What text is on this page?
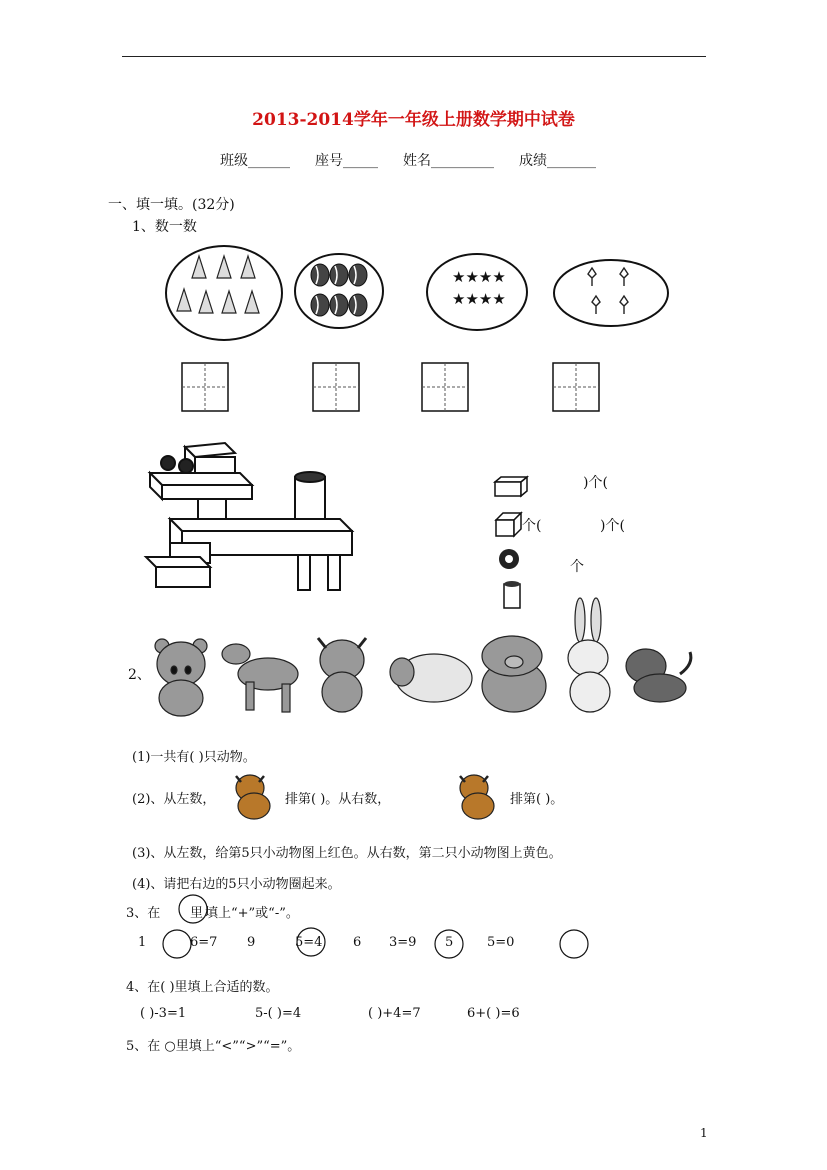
2013-2014学年一年级上册数学期中试卷
班级______ 座号_____ 姓名_________ 成绩_______
一、填一填。(32分)
1、数一数
★★★★
★★★★
)个(
个(	)个(
个
2、
(1)一共有( )只动物。
(2)、从左数，	排第( )。从右数，	排第( )。
(3)、从左数，给第5只小动物图上红色。从右数，第二只小动物图上黄色。
(4)、请把右边的5只小动物圈起来。
3、在 里 填上“+”或“-”。
1	6=7 9	5=4 6 3=9 5	5=0
4、在( )里填上合适的数。
( )-3=1	5-( )=4	( )+4=7	6+( )=6
5、在 ○里填上“<”“>”“=”。
1
